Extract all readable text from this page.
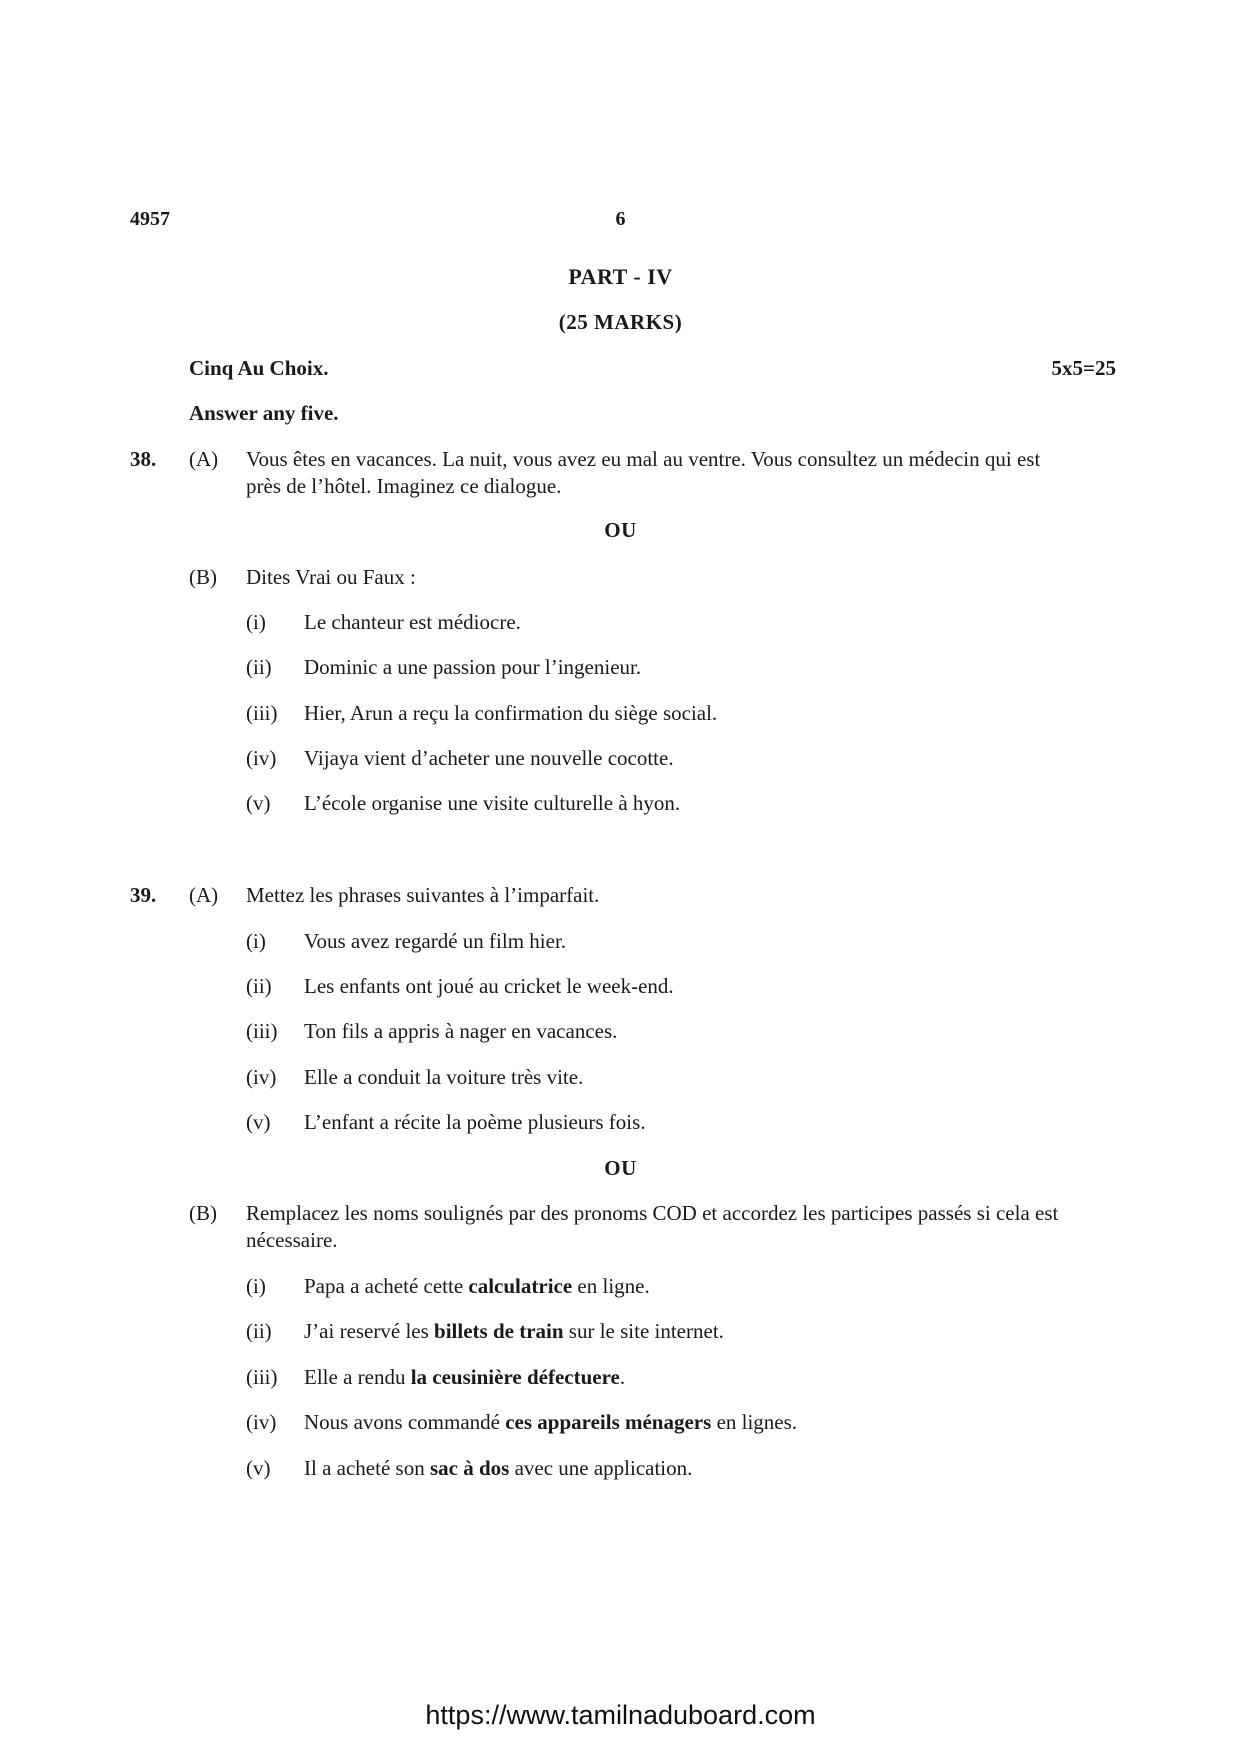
4957	6
PART - IV
(25 MARKS)
Cinq Au Choix.	5x5=25
Answer any five.
38. (A) Vous êtes en vacances. La nuit, vous avez eu mal au ventre. Vous consultez un médecin qui est près de l’hôtel. Imaginez ce dialogue.
OU
(B) Dites Vrai ou Faux :
(i) Le chanteur est médiocre.
(ii) Dominic a une passion pour l’ingenieur.
(iii) Hier, Arun a reçu la confirmation du siège social.
(iv) Vijaya vient d’acheter une nouvelle cocotte.
(v) L’école organise une visite culturelle à hyon.
39. (A) Mettez les phrases suivantes à l’imparfait.
(i) Vous avez regardé un film hier.
(ii) Les enfants ont joué au cricket le week-end.
(iii) Ton fils a appris à nager en vacances.
(iv) Elle a conduit la voiture très vite.
(v) L’enfant a récite la poème plusieurs fois.
OU
(B) Remplacez les noms soulignés par des pronoms COD et accordez les participes passés si cela est nécessaire.
(i) Papa a acheté cette calculatrice en ligne.
(ii) J’ai reservé les billets de train sur le site internet.
(iii) Elle a rendu la ceusinière défectuere.
(iv) Nous avons commandé ces appareils ménagers en lignes.
(v) Il a acheté son sac à dos avec une application.
https://www.tamilnaduboard.com
